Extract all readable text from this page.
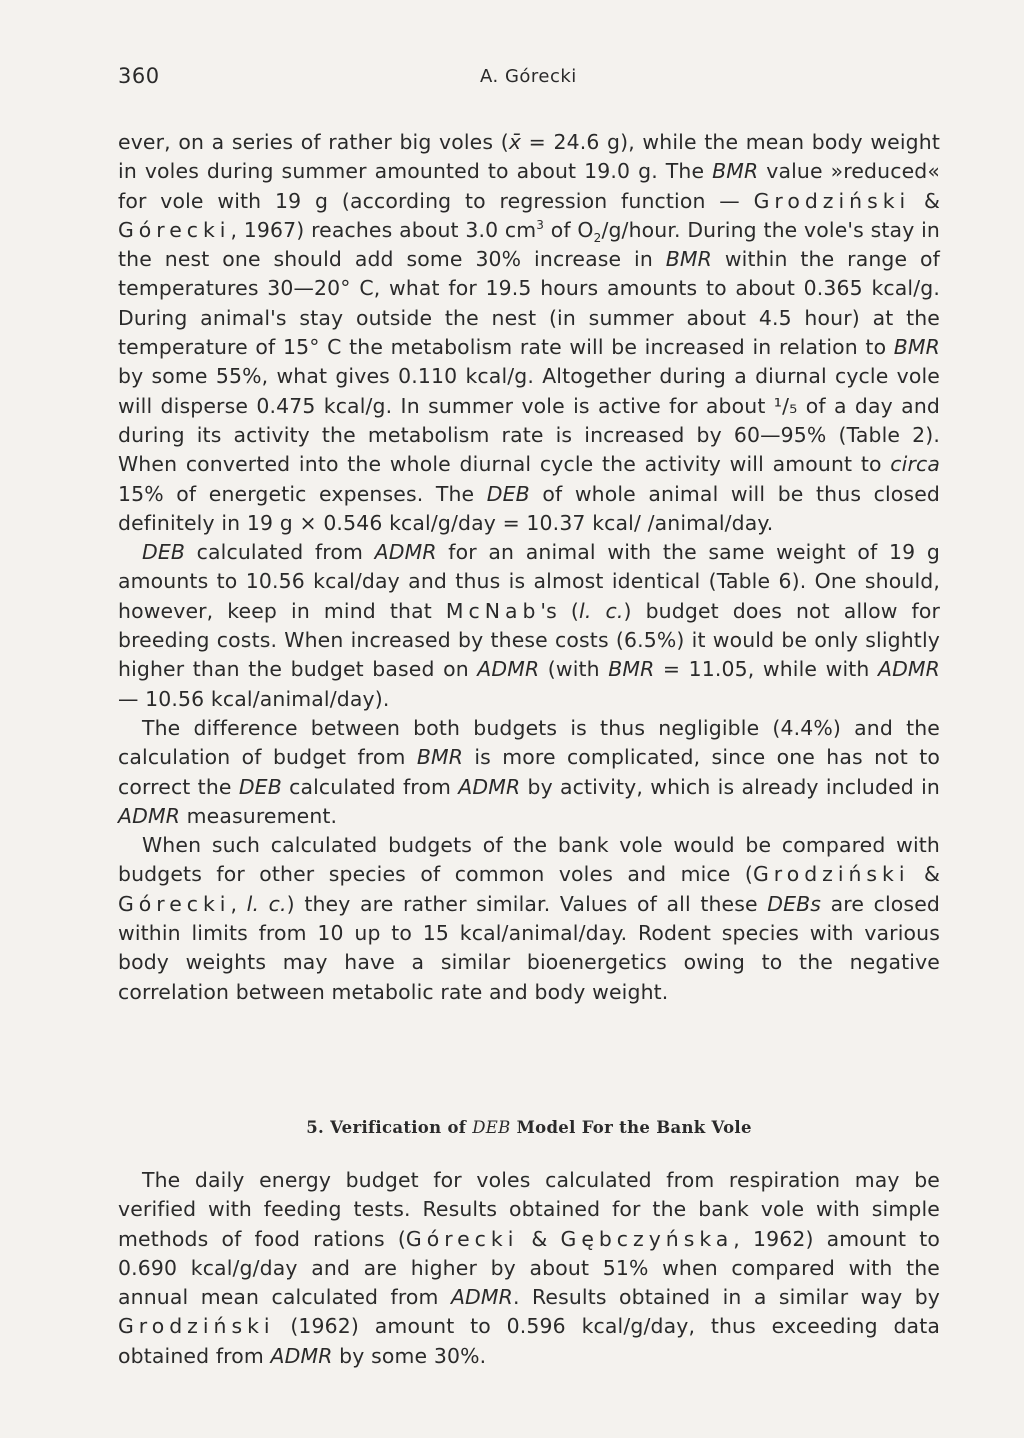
360	A. Górecki

ever, on a series of rather big voles (x̄ = 24.6 g), while the mean body weight in voles during summer amounted to about 19.0 g. The BMR value »reduced« for vole with 19 g (according to regression function — Grodziński & Górecki, 1967) reaches about 3.0 $cm^3$ of $O_2/g$/hour. During the vole's stay in the nest one should add some 30% increase in BMR within the range of temperatures 30—20° C, what for 19.5 hours amounts to about 0.365 kcal/g. During animal's stay outside the nest (in summer about 4.5 hour) at the temperature of 15° C the metabolism rate will be increased in relation to BMR by some 55%, what gives 0.110 kcal/g. Altogether during a diurnal cycle vole will disperse 0.475 kcal/g. In summer vole is active for about ¹/₅ of a day and during its activity the metabolism rate is increased by 60—95% (Table 2). When converted into the whole diurnal cycle the activity will amount to circa 15% of energetic expenses. The DEB of whole animal will be thus closed definitely in 19 g × 0.546 kcal/g/day = 10.37 kcal/ /animal/day.

DEB calculated from ADMR for an animal with the same weight of 19 g amounts to 10.56 kcal/day and thus is almost identical (Table 6). One should, however, keep in mind that McNab's (l. c.) budget does not allow for breeding costs. When increased by these costs (6.5%) it would be only slightly higher than the budget based on ADMR (with BMR = 11.05, while with ADMR — 10.56 kcal/animal/day).

The difference between both budgets is thus negligible (4.4%) and the calculation of budget from BMR is more complicated, since one has not to correct the DEB calculated from ADMR by activity, which is already included in ADMR measurement.

When such calculated budgets of the bank vole would be compared with budgets for other species of common voles and mice (Grodziński & Górecki, l. c.) they are rather similar. Values of all these DEBs are closed within limits from 10 up to 15 kcal/animal/day. Rodent species with various body weights may have a similar bioenergetics owing to the negative correlation between metabolic rate and body weight.

5. Verification of DEB Model For the Bank Vole

The daily energy budget for voles calculated from respiration may be verified with feeding tests. Results obtained for the bank vole with simple methods of food rations (Górecki & Gębczyńska, 1962) amount to 0.690 kcal/g/day and are higher by about 51% when compared with the annual mean calculated from ADMR. Results obtained in a similar way by Grodziński (1962) amount to 0.596 kcal/g/day, thus exceeding data obtained from ADMR by some 30%.
